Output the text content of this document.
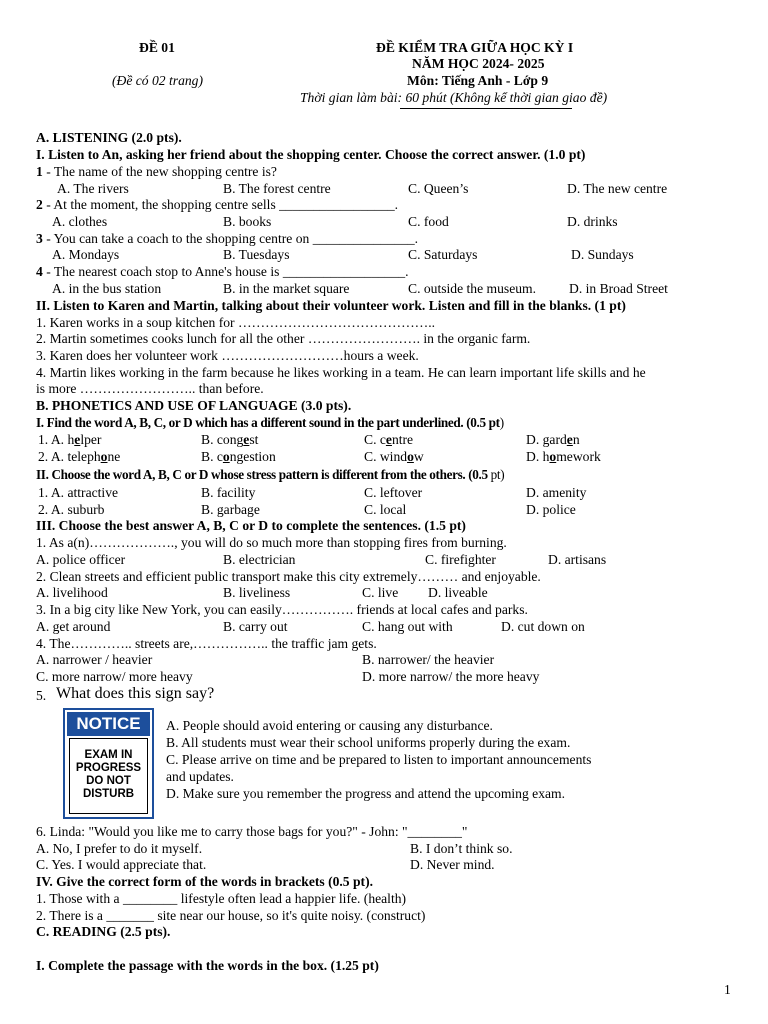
ĐỀ 01
(Đề có 02 trang)
ĐỀ KIỂM TRA GIỮA HỌC KỲ I
NĂM HỌC 2024- 2025
Môn: Tiếng Anh - Lớp 9
Thời gian làm bài: 60 phút (Không kể thời gian giao đề)
A. LISTENING (2.0 pts).
I. Listen to An, asking her friend about the shopping center. Choose the correct answer. (1.0 pt)
1 - The name of the new shopping centre is?
A. The rivers	B. The forest centre	C. Queen’s	D. The new centre
2 - At the moment, the shopping centre sells _________________.
A. clothes	B. books	C. food	D. drinks
3 - You can take a coach to the shopping centre on _______________.
A. Mondays	B. Tuesdays	C. Saturdays	D. Sundays
4 - The nearest coach stop to Anne's house is __________________.
A. in the bus station	B. in the market square	C. outside the museum. D. in Broad Street
II. Listen to Karen and Martin, talking about their volunteer work. Listen and fill in the blanks. (1 pt)
1. Karen works in a soup kitchen for ……………………………………..
2. Martin sometimes cooks lunch for all the other ……………………. in the organic farm.
3. Karen does her volunteer work ………………………hours a week.
4. Martin likes working in the farm because he likes working in a team. He can learn important life skills and he
is more …………………….. than before.
B. PHONETICS AND USE OF LANGUAGE (3.0 pts).
I. Find the word A, B, C, or D which has a different sound in the part underlined. (0.5 pt)
1. A. helper	B. congest	C. centre	D. garden
2. A. telephone	B. congestion	C. window	D. homework
II. Choose the word A, B, C or D whose stress pattern is different from the others. (0.5 pt)
1. A. attractive	B. facility	C. leftover	D. amenity
2. A. suburb	B. garbage	C. local	D. police
III. Choose the best answer A, B, C or D to complete the sentences. (1.5 pt)
1. As a(n)………………., you will do so much more than stopping fires from burning.
A. police officer	B. electrician	C. firefighter	D. artisans
2. Clean streets and efficient public transport make this city extremely……… and enjoyable.
A. livelihood	B. liveliness	C. live D. liveable
3. In a big city like New York, you can easily……………. friends at local cafes and parks.
A. get around	B. carry out	C. hang out with	D. cut down on
4. The………….. streets are,…………….. the traffic jam gets.
A. narrower / heavier	B. narrower/ the heavier
C. more narrow/ more heavy	D. more narrow/ the more heavy
5. What does this sign say?
NOTICE
EXAM IN
PROGRESS
DO NOT
DISTURB
A. People should avoid entering or causing any disturbance.
B. All students must wear their school uniforms properly during the exam.
C. Please arrive on time and be prepared to listen to important announcements
and updates.
D. Make sure you remember the progress and attend the upcoming exam.
6. Linda: "Would you like me to carry those bags for you?" - John: "________"
A. No, I prefer to do it myself.	B. I don’t think so.
C. Yes. I would appreciate that.	D. Never mind.
IV. Give the correct form of the words in brackets (0.5 pt).
1. Those with a ________ lifestyle often lead a happier life. (health)
2. There is a _______ site near our house, so it's quite noisy. (construct)
C. READING (2.5 pts).
I. Complete the passage with the words in the box. (1.25 pt)
1
